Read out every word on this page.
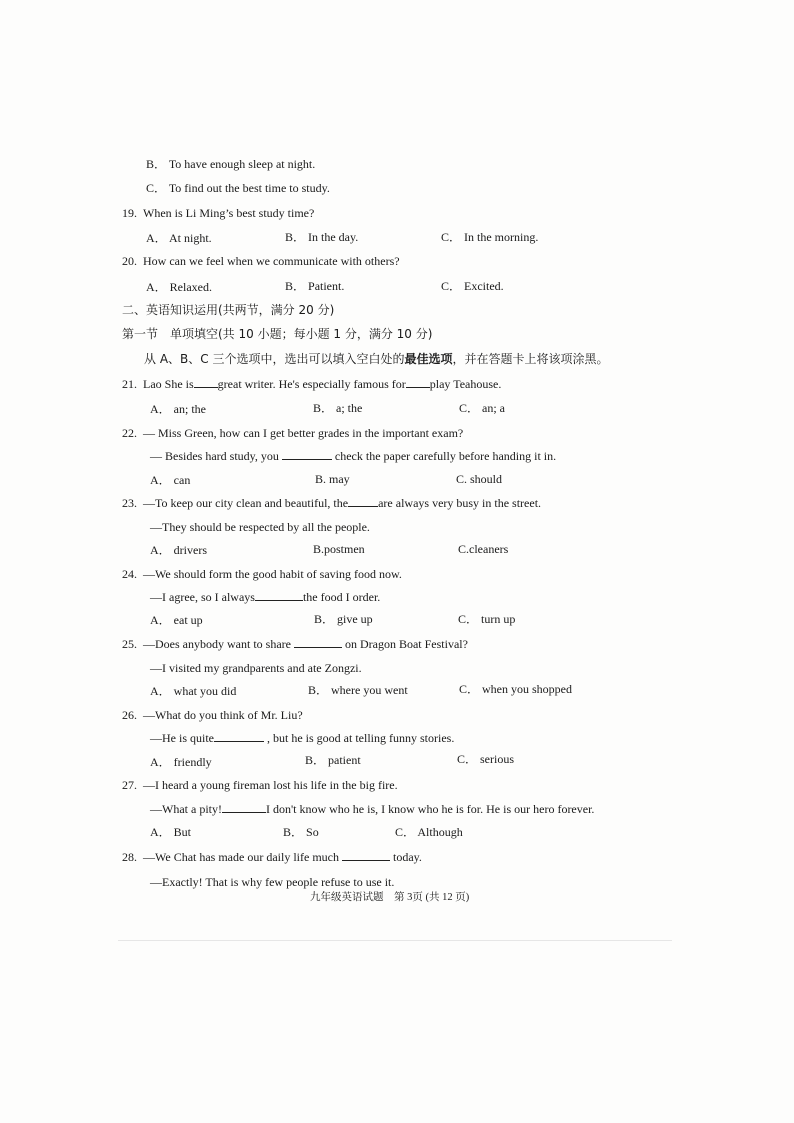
B． To have enough sleep at night.
C． To find out the best time to study.
19. When is Li Ming’s best study time?
A． At night.	B． In the day.	C． In the morning.
20. How can we feel when we communicate with others?
A． Relaxed.	B． Patient.	C． Excited.
二、英语知识运用(共两节，满分 20 分)
第一节　单项填空(共 10 小题；每小题 1 分，满分 10 分)
从 A、B、C 三个选项中，选出可以填入空白处的最佳选项，并在答题卡上将该项涂黑。
21. Lao She is great writer. He's especially famous for play Teahouse.
A． an; the	B． a; the	C． an; a
22. — Miss Green, how can I get better grades in the important exam?
— Besides hard study, you	check the paper carefully before handing it in.
A． can	B. may	C. should
23. —To keep our city clean and beautiful, the	are always very busy in the street.
—They should be respected by all the people.
A． drivers	B.postmen	C.cleaners
24. —We should form the good habit of saving food now.
—I agree, so I always	the food I order.
A． eat up	B． give up	C． turn up
25. —Does anybody want to share	on Dragon Boat Festival?
—I visited my grandparents and ate Zongzi.
A． what you did	B． where you went	C． when you shopped
26. —What do you think of Mr. Liu?
—He is quite	, but he is good at telling funny stories.
A． friendly	B． patient	C． serious
27. —I heard a young fireman lost his life in the big fire.
—What a pity!	I don't know who he is, I know who he is for. He is our hero forever.
A． But	B． So	C． Although
28. —We Chat has made our daily life much	today.
—Exactly! That is why few people refuse to use it.
九年级英语试题　第 3页 (共 12 页)
